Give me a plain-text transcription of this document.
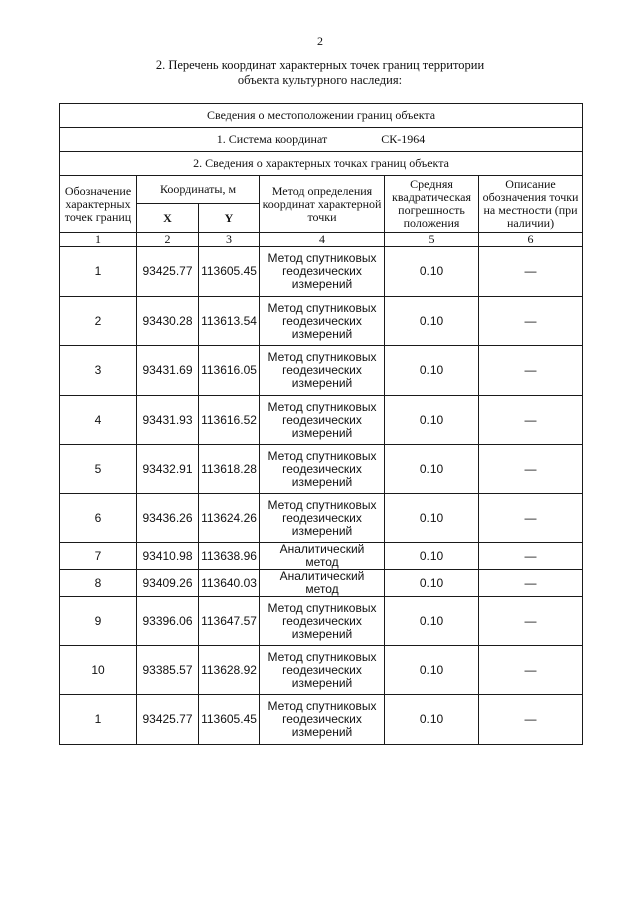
2
2. Перечень координат характерных точек границ территории
объекта культурного наследия:
Сведения о местоположении границ объекта					
1. Система координат СК-1964					
2. Сведения о характерных точках границ объекта					
Обозначение характерных точек границ	Координаты, м		Метод определения координат характерной точки	Средняя квадратическая погрешность положения	Описание обозначения точки на местности (при наличии)
	X	Y			
1	2	3	4	5	6
1	93425.77	113605.45	Метод спутниковых геодезических измерений	0.10	—
2	93430.28	113613.54	Метод спутниковых геодезических измерений	0.10	—
3	93431.69	113616.05	Метод спутниковых геодезических измерений	0.10	—
4	93431.93	113616.52	Метод спутниковых геодезических измерений	0.10	—
5	93432.91	113618.28	Метод спутниковых геодезических измерений	0.10	—
6	93436.26	113624.26	Метод спутниковых геодезических измерений	0.10	—
7	93410.98	113638.96	Аналитический метод	0.10	—
8	93409.26	113640.03	Аналитический метод	0.10	—
9	93396.06	113647.57	Метод спутниковых геодезических измерений	0.10	—
10	93385.57	113628.92	Метод спутниковых геодезических измерений	0.10	—
1	93425.77	113605.45	Метод спутниковых геодезических измерений	0.10	—
